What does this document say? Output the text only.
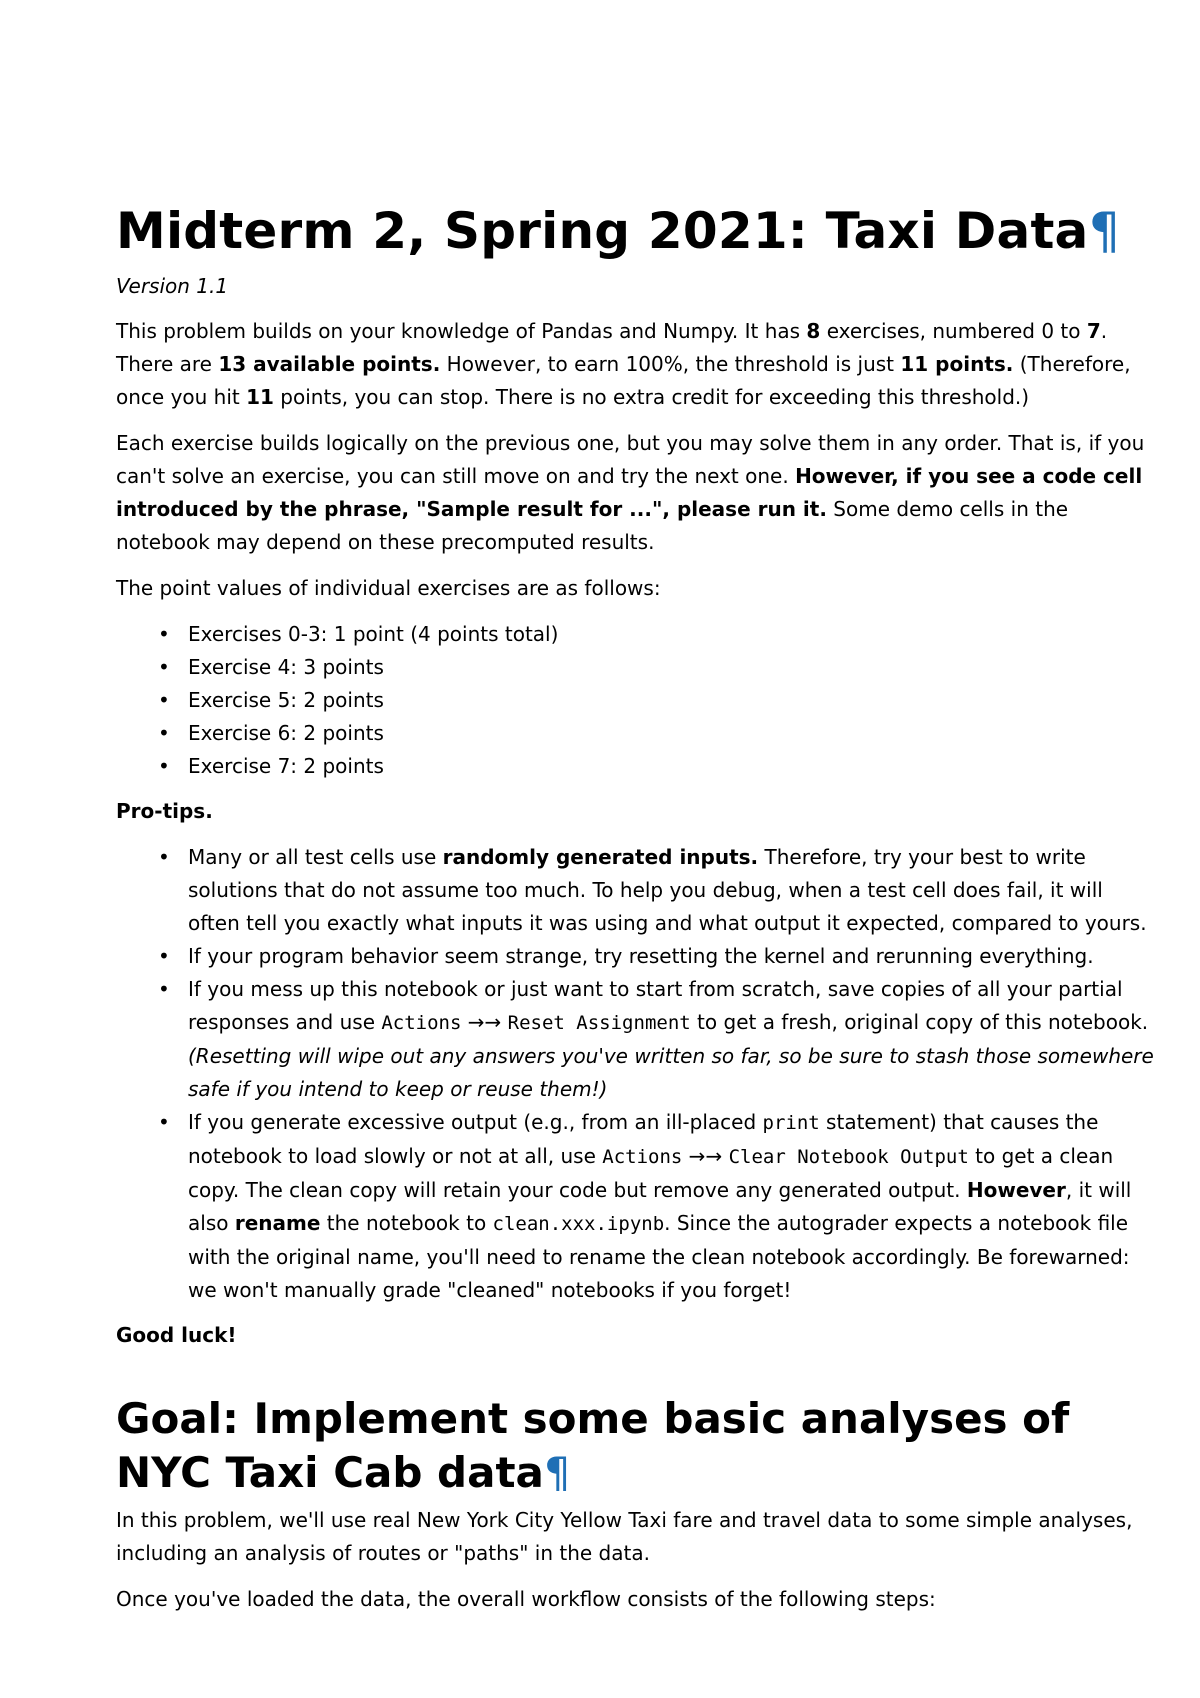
Midterm 2, Spring 2021: Taxi Data¶

Version 1.1

This problem builds on your knowledge of Pandas and Numpy. It has 8 exercises, numbered 0 to 7. There are 13 available points. However, to earn 100%, the threshold is just 11 points. (Therefore, once you hit 11 points, you can stop. There is no extra credit for exceeding this threshold.)

Each exercise builds logically on the previous one, but you may solve them in any order. That is, if you can't solve an exercise, you can still move on and try the next one. However, if you see a code cell introduced by the phrase, "Sample result for ...", please run it. Some demo cells in the notebook may depend on these precomputed results.

The point values of individual exercises are as follows:

• Exercises 0-3: 1 point (4 points total)
• Exercise 4: 3 points
• Exercise 5: 2 points
• Exercise 6: 2 points
• Exercise 7: 2 points

Pro-tips.

• Many or all test cells use randomly generated inputs. Therefore, try your best to write solutions that do not assume too much. To help you debug, when a test cell does fail, it will often tell you exactly what inputs it was using and what output it expected, compared to yours.
• If your program behavior seem strange, try resetting the kernel and rerunning everything.
• If you mess up this notebook or just want to start from scratch, save copies of all your partial responses and use Actions →→ Reset Assignment to get a fresh, original copy of this notebook. (Resetting will wipe out any answers you've written so far, so be sure to stash those somewhere safe if you intend to keep or reuse them!)
• If you generate excessive output (e.g., from an ill-placed print statement) that causes the notebook to load slowly or not at all, use Actions →→ Clear Notebook Output to get a clean copy. The clean copy will retain your code but remove any generated output. However, it will also rename the notebook to clean.xxx.ipynb. Since the autograder expects a notebook file with the original name, you'll need to rename the clean notebook accordingly. Be forewarned: we won't manually grade "cleaned" notebooks if you forget!

Good luck!

Goal: Implement some basic analyses of NYC Taxi Cab data¶

In this problem, we'll use real New York City Yellow Taxi fare and travel data to some simple analyses, including an analysis of routes or "paths" in the data.

Once you've loaded the data, the overall workflow consists of the following steps:
